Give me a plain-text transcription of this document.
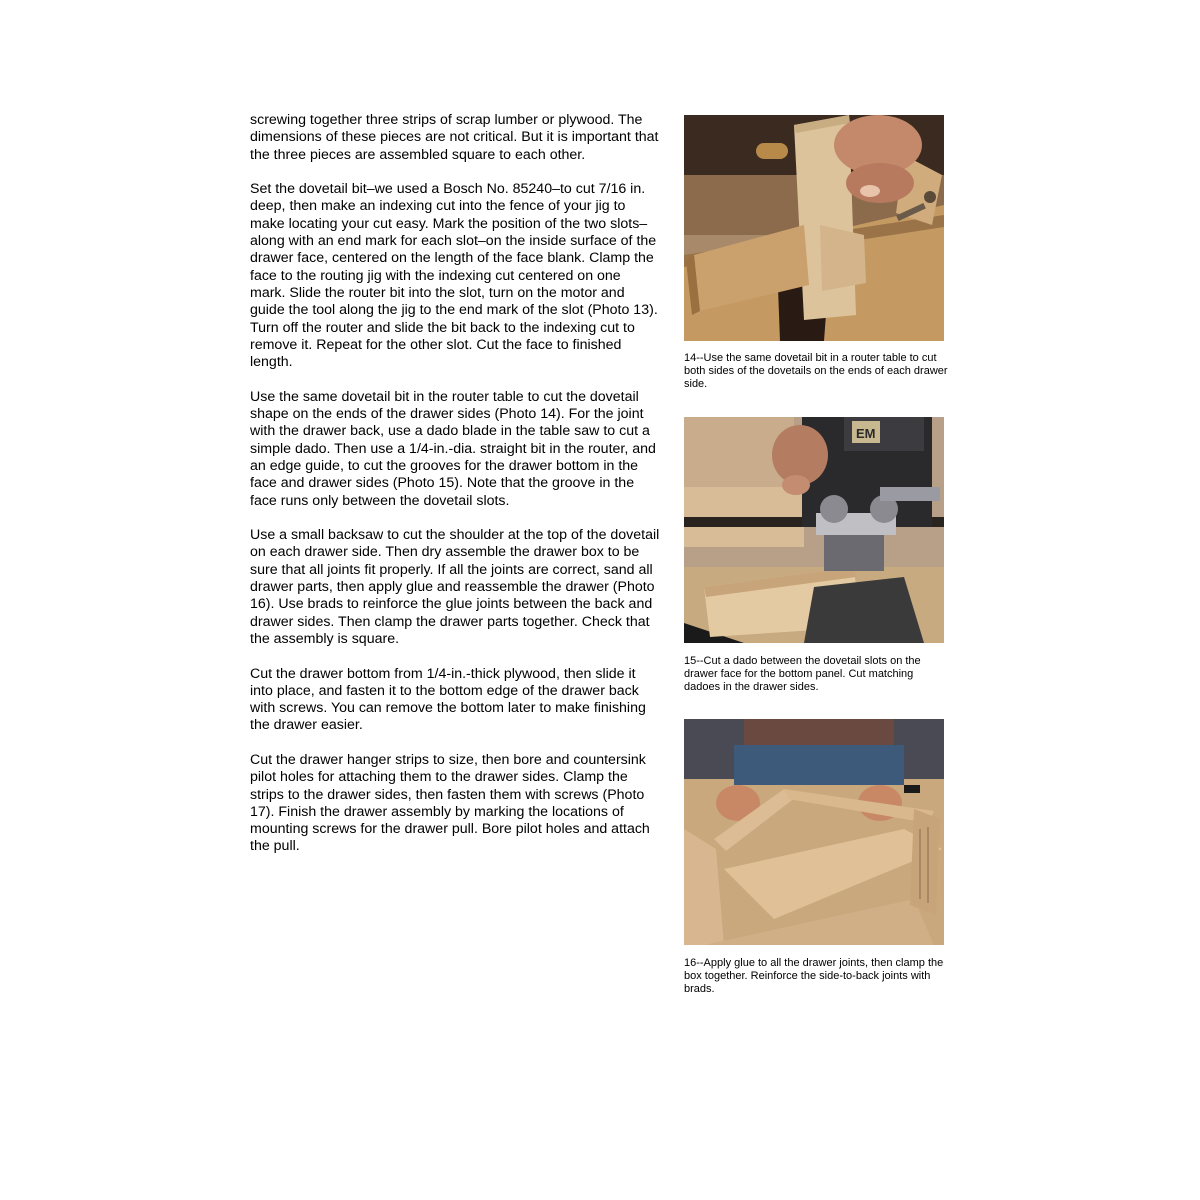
screwing together three strips of scrap lumber or plywood. The dimensions of these pieces are not critical. But it is important that the three pieces are assembled square to each other.

Set the dovetail bit–we used a Bosch No. 85240–to cut 7/16 in. deep, then make an indexing cut into the fence of your jig to make locating your cut easy. Mark the position of the two slots–along with an end mark for each slot–on the inside surface of the drawer face, centered on the length of the face blank. Clamp the face to the routing jig with the indexing cut centered on one mark. Slide the router bit into the slot, turn on the motor and guide the tool along the jig to the end mark of the slot (Photo 13). Turn off the router and slide the bit back to the indexing cut to remove it. Repeat for the other slot. Cut the face to finished length.

Use the same dovetail bit in the router table to cut the dovetail shape on the ends of the drawer sides (Photo 14). For the joint with the drawer back, use a dado blade in the table saw to cut a simple dado. Then use a 1/4-in.-dia. straight bit in the router, and an edge guide, to cut the grooves for the drawer bottom in the face and drawer sides (Photo 15). Note that the groove in the face runs only between the dovetail slots.

Use a small backsaw to cut the shoulder at the top of the dovetail on each drawer side. Then dry assemble the drawer box to be sure that all joints fit properly. If all the joints are correct, sand all drawer parts, then apply glue and reassemble the drawer (Photo 16). Use brads to reinforce the glue joints between the back and drawer sides. Then clamp the drawer parts together. Check that the assembly is square.

Cut the drawer bottom from 1/4-in.-thick plywood, then slide it into place, and fasten it to the bottom edge of the drawer back with screws. You can remove the bottom later to make finishing the drawer easier.

Cut the drawer hanger strips to size, then bore and countersink pilot holes for attaching them to the drawer sides. Clamp the strips to the drawer sides, then fasten them with screws (Photo 17). Finish the drawer assembly by marking the locations of mounting screws for the drawer pull. Bore pilot holes and attach the pull.

14--Use the same dovetail bit in a router table to cut both sides of the dovetails on the ends of each drawer side.

EM

15--Cut a dado between the dovetail slots on the drawer face for the bottom panel. Cut matching dadoes in the drawer sides.

16--Apply glue to all the drawer joints, then clamp the box together. Reinforce the side-to-back joints with brads.
